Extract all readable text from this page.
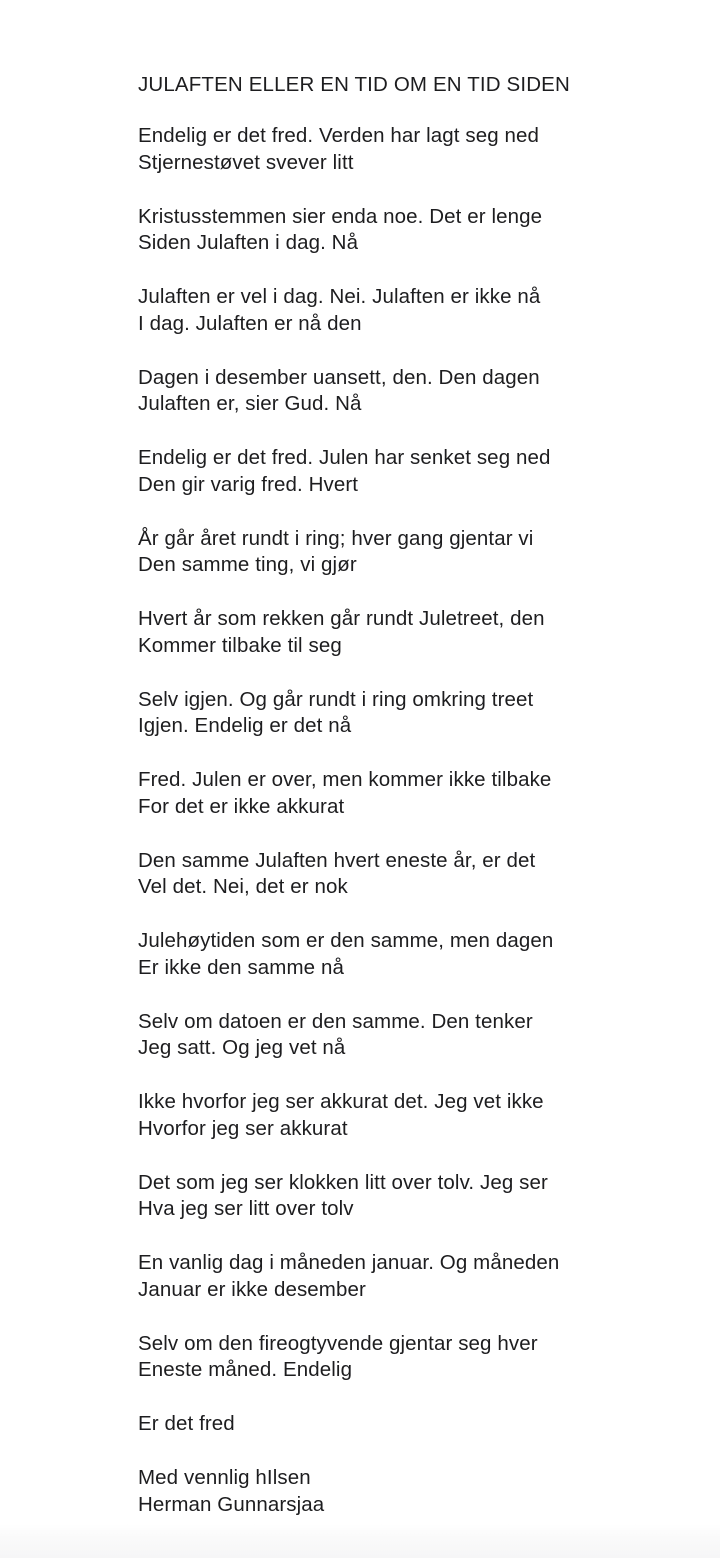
JULAFTEN ELLER EN TID OM EN TID SIDEN

Endelig er det fred. Verden har lagt seg ned
Stjernestøvet svever litt

Kristusstemmen sier enda noe. Det er lenge
Siden Julaften i dag. Nå

Julaften er vel i dag. Nei. Julaften er ikke nå
I dag. Julaften er nå den

Dagen i desember uansett, den. Den dagen
Julaften er, sier Gud. Nå

Endelig er det fred. Julen har senket seg ned
Den gir varig fred. Hvert

År går året rundt i ring; hver gang gjentar vi
Den samme ting, vi gjør

Hvert år som rekken går rundt Juletreet, den
Kommer tilbake til seg

Selv igjen. Og går rundt i ring omkring treet
Igjen. Endelig er det nå

Fred. Julen er over, men kommer ikke tilbake
For det er ikke akkurat

Den samme Julaften hvert eneste år, er det
Vel det. Nei, det er nok

Julehøytiden som er den samme, men dagen
Er ikke den samme nå

Selv om datoen er den samme. Den tenker
Jeg satt. Og jeg vet nå

Ikke hvorfor jeg ser akkurat det. Jeg vet ikke
Hvorfor jeg ser akkurat

Det som jeg ser klokken litt over tolv. Jeg ser
Hva jeg ser litt over tolv

En vanlig dag i måneden januar. Og måneden
Januar er ikke desember

Selv om den fireogtyvende gjentar seg hver
Eneste måned. Endelig

Er det fred

Med vennlig hIlsen
Herman Gunnarsjaa
